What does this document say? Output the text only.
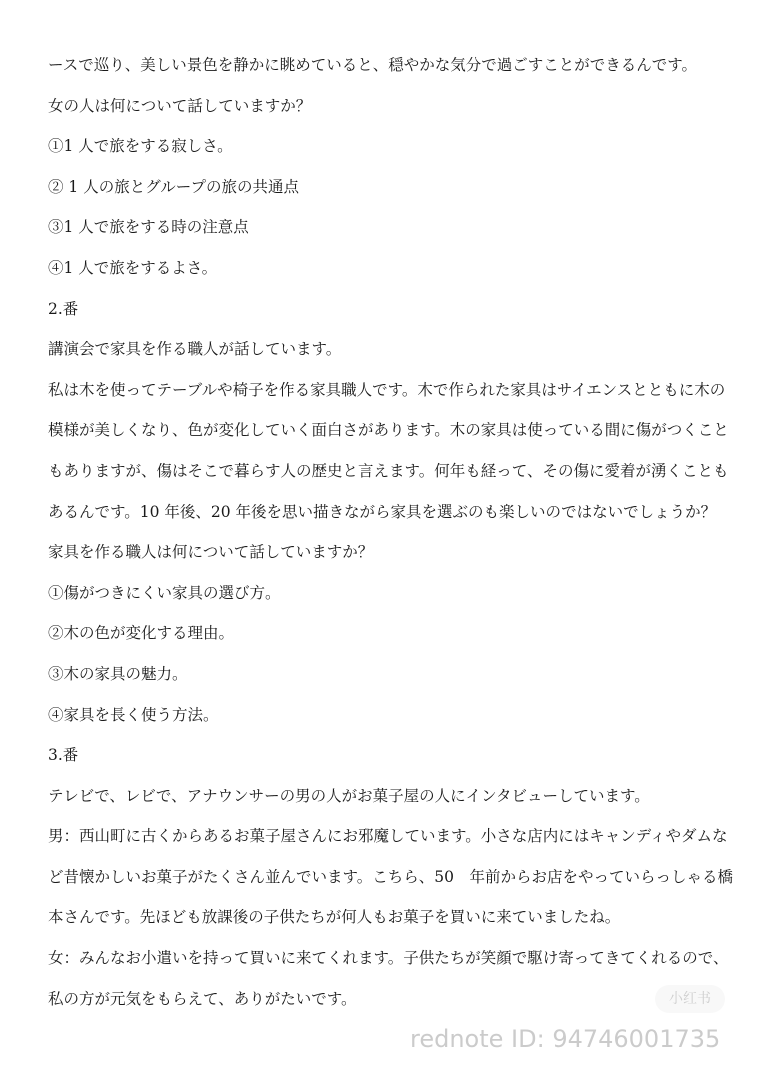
ースで巡り、美しい景色を静かに眺めていると、穏やかな気分で過ごすことができるんです。

女の人は何について話していますか？

①1 人で旅をする寂しさ。

② 1 人の旅とグループの旅の共通点

③1 人で旅をする時の注意点

④1 人で旅をするよさ。

2.番

講演会で家具を作る職人が話しています。

私は木を使ってテーブルや椅子を作る家具職人です。木で作られた家具はサイエンスとともに木の

模様が美しくなり、色が変化していく面白さがあります。木の家具は使っている間に傷がつくこと

もありますが、傷はそこで暮らす人の歴史と言えます。何年も経って、その傷に愛着が湧くことも

あるんです。10 年後、20 年後を思い描きながら家具を選ぶのも楽しいのではないでしょうか？

家具を作る職人は何について話していますか？

①傷がつきにくい家具の選び方。

②木の色が変化する理由。

③木の家具の魅力。

④家具を長く使う方法。

3.番

テレビで、レビで、アナウンサーの男の人がお菓子屋の人にインタビューしています。

男：西山町に古くからあるお菓子屋さんにお邪魔しています。小さな店内にはキャンディやダムな

ど昔懐かしいお菓子がたくさん並んでいます。こちら、50　年前からお店をやっていらっしゃる橋

本さんです。先ほども放課後の子供たちが何人もお菓子を買いに来ていましたね。

女：みんなお小遣いを持って買いに来てくれます。子供たちが笑顔で駆け寄ってきてくれるので、

私の方が元気をもらえて、ありがたいです。	小红书
rednote ID: 94746001735
